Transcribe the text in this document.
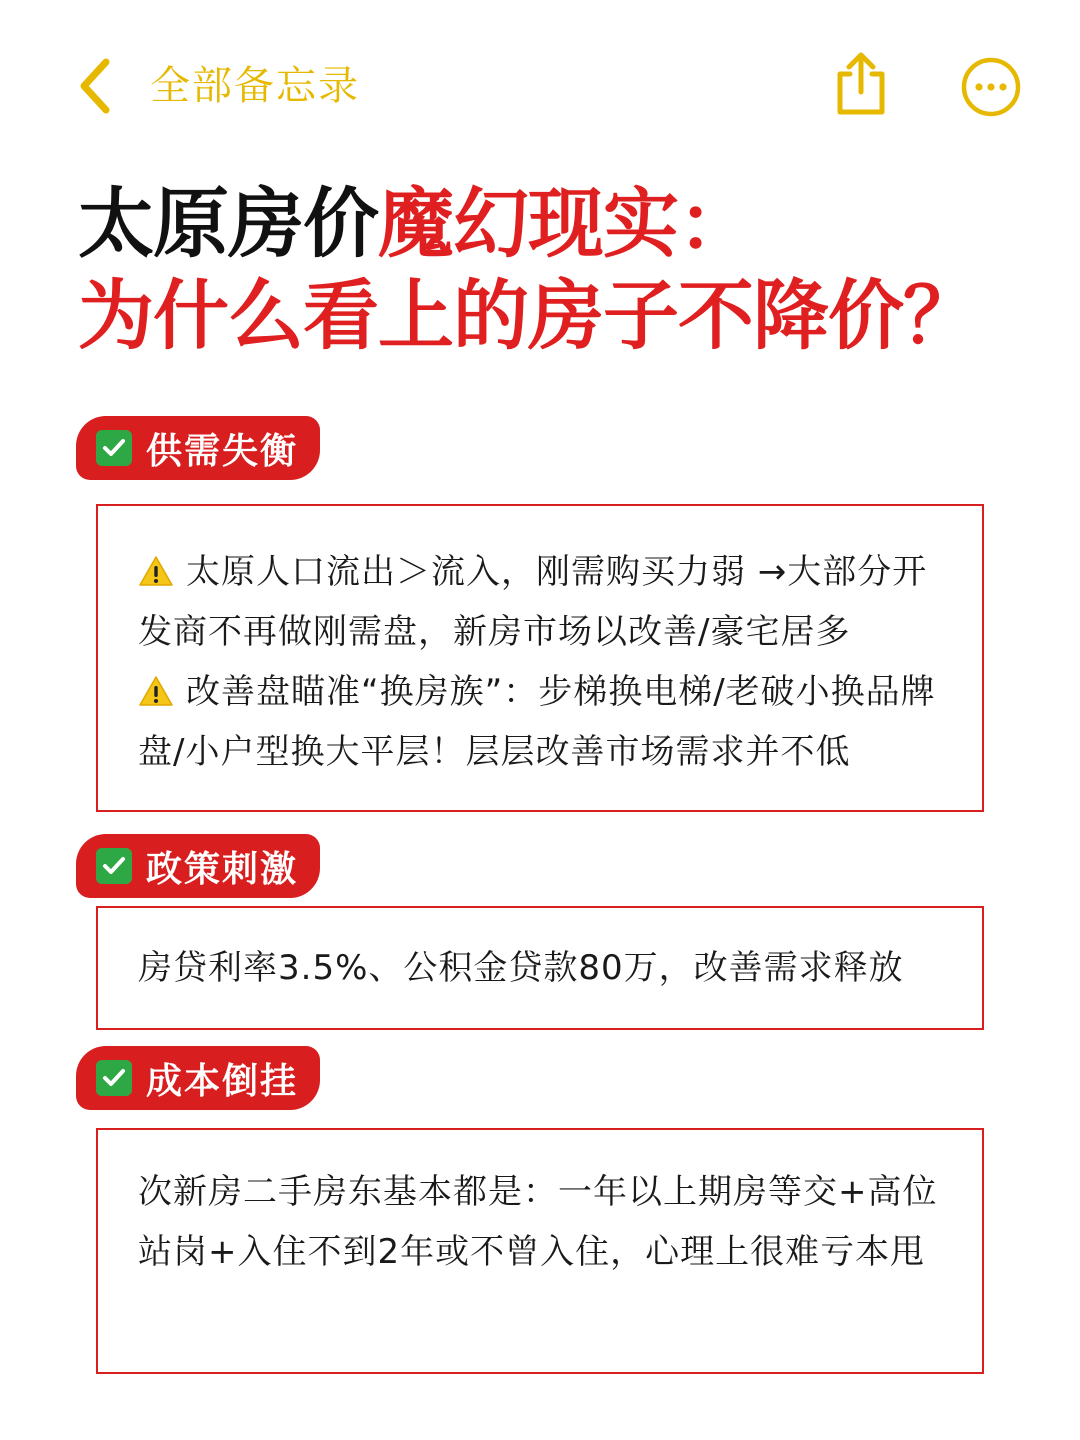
全部备忘录
太原房价魔幻现实：
为什么看上的房子不降价？
供需失衡

太原人口流出＞流入，刚需购买力弱 →大部分开发商不再做刚需盘，新房市场以改善/豪宅居多

改善盘瞄准“换房族”：步梯换电梯/老破小换品牌盘/小户型换大平层！层层改善市场需求并不低

政策刺激

房贷利率3.5%、公积金贷款80万，改善需求释放

成本倒挂

次新房二手房东基本都是：一年以上期房等交+高位站岗+入住不到2年或不曾入住，心理上很难亏本甩
